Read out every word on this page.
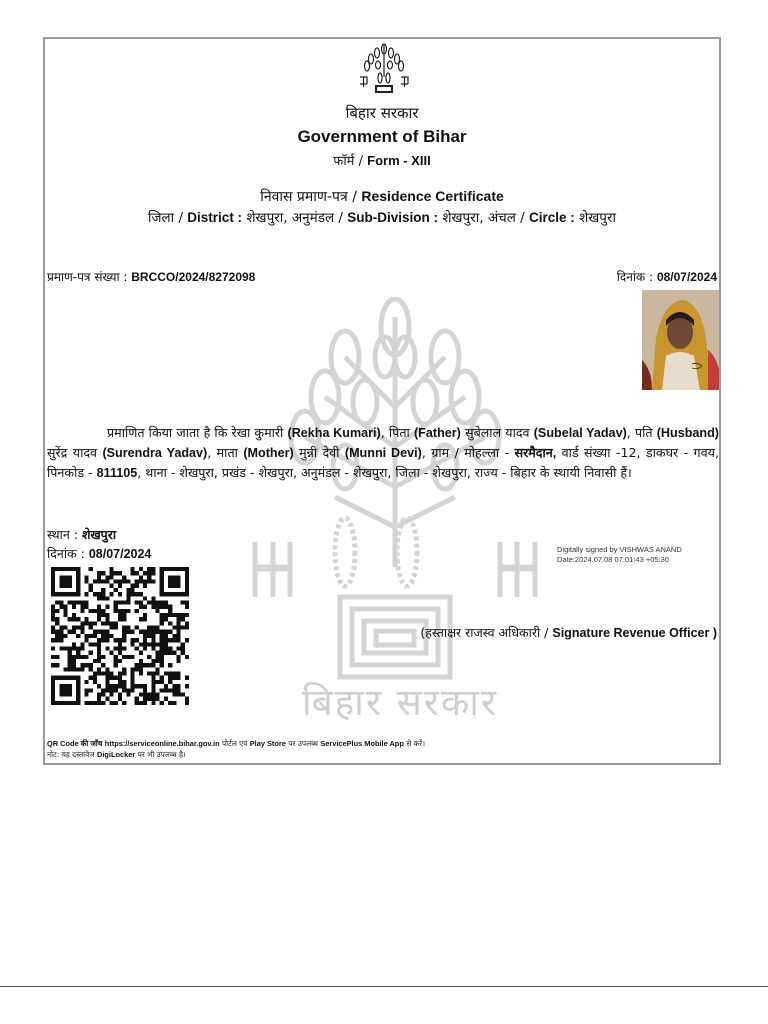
बिहार सरकार
बिहार सरकार
Government of Bihar
फॉर्म / Form - XIII
निवास प्रमाण-पत्र / Residence Certificate
जिला / District : शेखपुरा, अनुमंडल / Sub-Division : शेखपुरा, अंचल / Circle : शेखपुरा
प्रमाण-पत्र संख्या : BRCCO/2024/8272098	दिनांक : 08/07/2024
प्रमाणित किया जाता है कि रेखा कुमारी (Rekha Kumari), पिता (Father) सुबेलाल यादव (Subelal Yadav), पति (Husband) सुरेंद्र यादव (Surendra Yadav), माता (Mother) मुन्नी देवी (Munni Devi), ग्राम / मोहल्ला - सरमैदान, वार्ड संख्या -12, डाकघर - गवय, पिनकोड - 811105, थाना - शेखपुरा, प्रखंड - शेखपुरा, अनुमंडल - शेखपुरा, जिला - शेखपुरा, राज्य - बिहार के स्थायी निवासी हैं।
स्थान : शेखपुरा
दिनांक : 08/07/2024	Digitally signed by VISHWAS ANAND
Date:2024.07.08 07:01:43 +05:30
(हस्ताक्षर राजस्व अधिकारी / Signature Revenue Officer )
QR Code की जाँच https://serviceonline.bihar.gov.in पोर्टल एवं Play Store पर उपलब्ध ServicePlus Mobile App से करें।
नोट: यह दस्तावेज DigiLocker पर भी उपलब्ध है।
